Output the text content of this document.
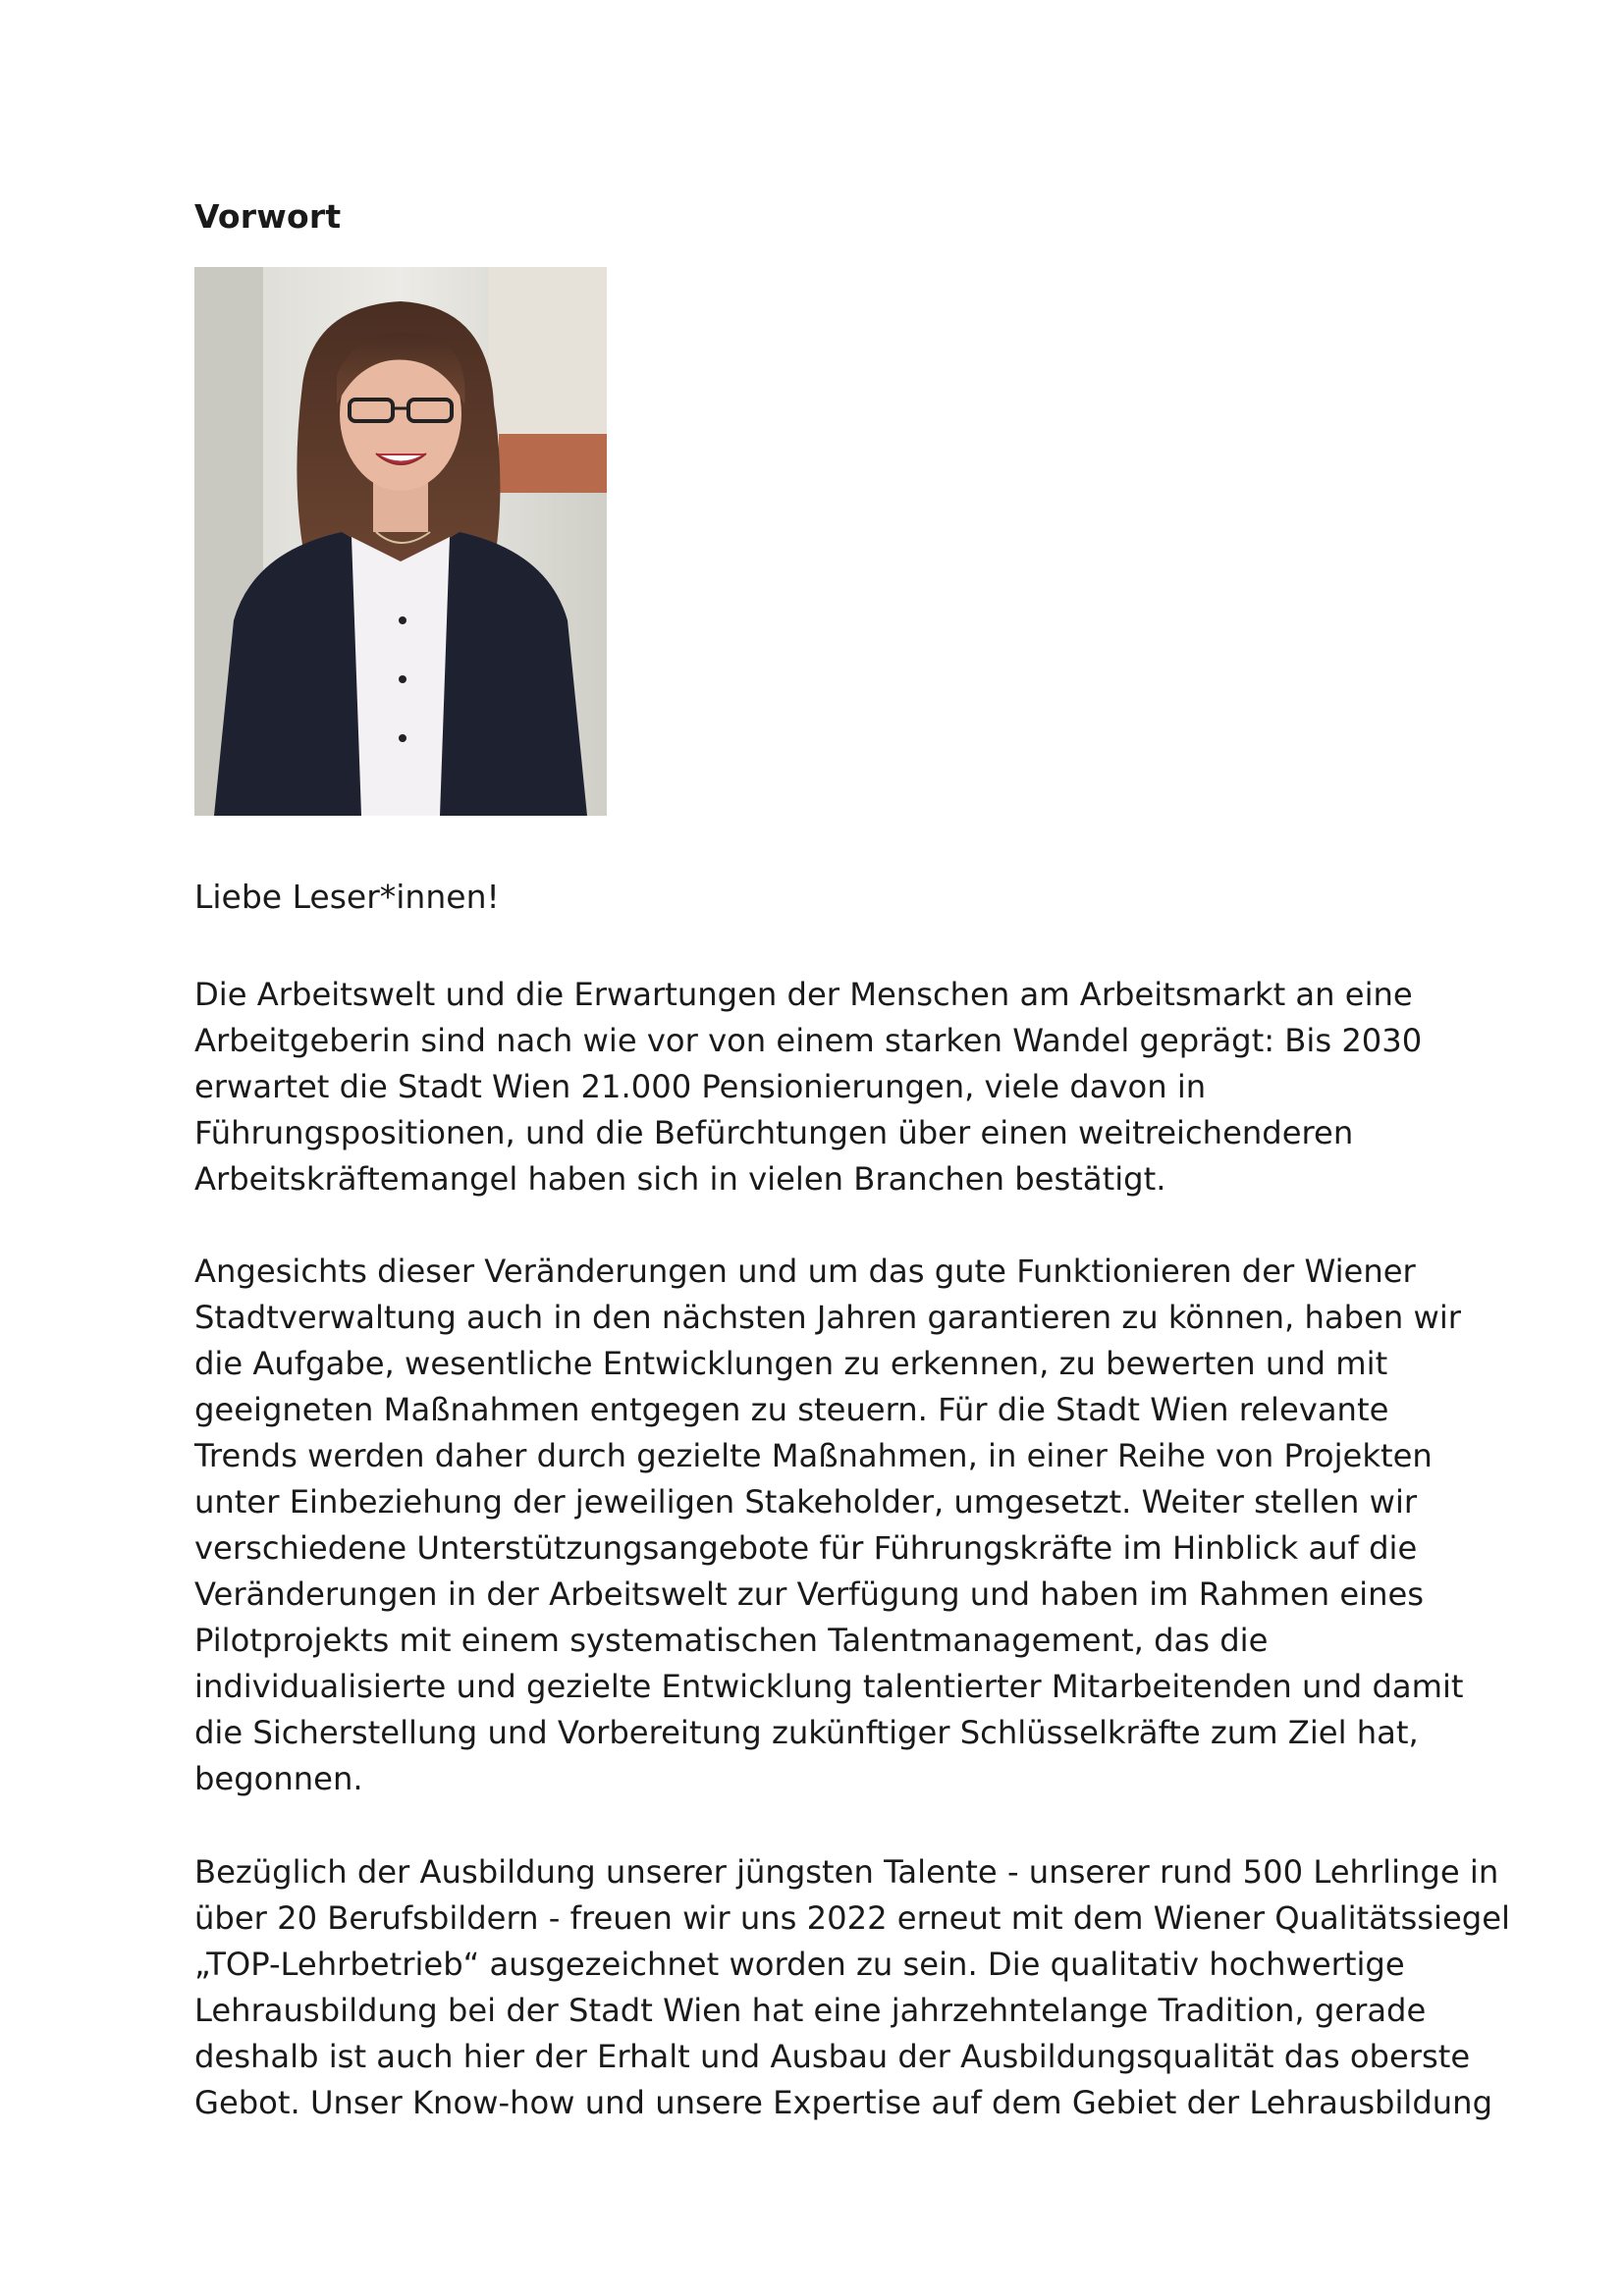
Vorwort

Liebe Leser*innen!

Die Arbeitswelt und die Erwartungen der Menschen am Arbeitsmarkt an eine
Arbeitgeberin sind nach wie vor von einem starken Wandel geprägt: Bis 2030
erwartet die Stadt Wien 21.000 Pensionierungen, viele davon in
Führungspositionen, und die Befürchtungen über einen weitreichenderen
Arbeitskräftemangel haben sich in vielen Branchen bestätigt.

Angesichts dieser Veränderungen und um das gute Funktionieren der Wiener
Stadtverwaltung auch in den nächsten Jahren garantieren zu können, haben wir
die Aufgabe, wesentliche Entwicklungen zu erkennen, zu bewerten und mit
geeigneten Maßnahmen entgegen zu steuern. Für die Stadt Wien relevante
Trends werden daher durch gezielte Maßnahmen, in einer Reihe von Projekten
unter Einbeziehung der jeweiligen Stakeholder, umgesetzt. Weiter stellen wir
verschiedene Unterstützungsangebote für Führungskräfte im Hinblick auf die
Veränderungen in der Arbeitswelt zur Verfügung und haben im Rahmen eines
Pilotprojekts mit einem systematischen Talentmanagement, das die
individualisierte und gezielte Entwicklung talentierter Mitarbeitenden und damit
die Sicherstellung und Vorbereitung zukünftiger Schlüsselkräfte zum Ziel hat,
begonnen.

Bezüglich der Ausbildung unserer jüngsten Talente - unserer rund 500 Lehrlinge in
über 20 Berufsbildern - freuen wir uns 2022 erneut mit dem Wiener Qualitätssiegel
„TOP-Lehrbetrieb“ ausgezeichnet worden zu sein. Die qualitativ hochwertige
Lehrausbildung bei der Stadt Wien hat eine jahrzehntelange Tradition, gerade
deshalb ist auch hier der Erhalt und Ausbau der Ausbildungsqualität das oberste
Gebot. Unser Know-how und unsere Expertise auf dem Gebiet der Lehrausbildung
